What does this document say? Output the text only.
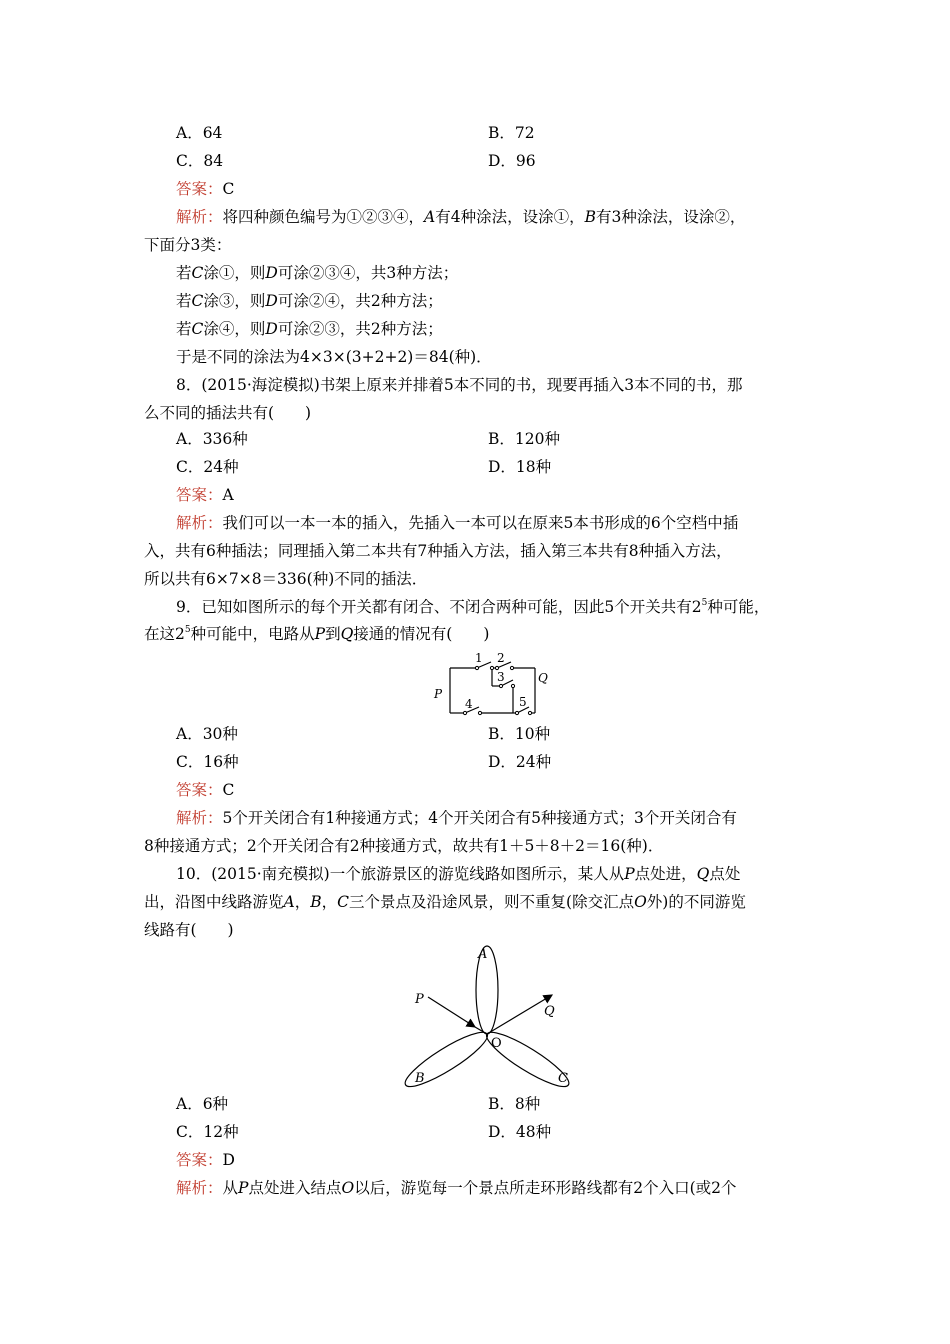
A．64	B．72
C．84	D．96
答案：C
解析：将四种颜色编号为①②③④，A有4种涂法，设涂①，B有3种涂法，设涂②，
下面分3类：
若C涂①，则D可涂②③④，共3种方法；
若C涂③，则D可涂②④，共2种方法；
若C涂④，则D可涂②③，共2种方法；
于是不同的涂法为4×3×(3+2+2)＝84(种)．
8．(2015·海淀模拟)书架上原来并排着5本不同的书，现要再插入3本不同的书，那
么不同的插法共有(　　)
A．336种	B．120种
C．24种	D．18种
答案：A
解析：我们可以一本一本的插入，先插入一本可以在原来5本书形成的6个空档中插
入，共有6种插法；同理插入第二本共有7种插入方法，插入第三本共有8种插入方法，
所以共有6×7×8＝336(种)不同的插法．
9．已知如图所示的每个开关都有闭合、不闭合两种可能，因此5个开关共有$2^5$种可能，
在这$2^5$种可能中，电路从P到Q接通的情况有(　　)
1 2
3
4	5
P
Q
A．30种	B．10种
C．16种	D．24种
答案：C
解析：5个开关闭合有1种接通方式；4个开关闭合有5种接通方式；3个开关闭合有
8种接通方式；2个开关闭合有2种接通方式，故共有1＋5＋8＋2＝16(种)．
10．(2015·南充模拟)一个旅游景区的游览线路如图所示，某人从P点处进，Q点处
出，沿图中线路游览A，B，C三个景点及沿途风景，则不重复(除交汇点O外)的不同游览
线路有(　　)
A
P
Q
B	C
O
A．6种	B．8种
C．12种	D．48种
答案：D
解析：从P点处进入结点O以后，游览每一个景点所走环形路线都有2个入口(或2个
